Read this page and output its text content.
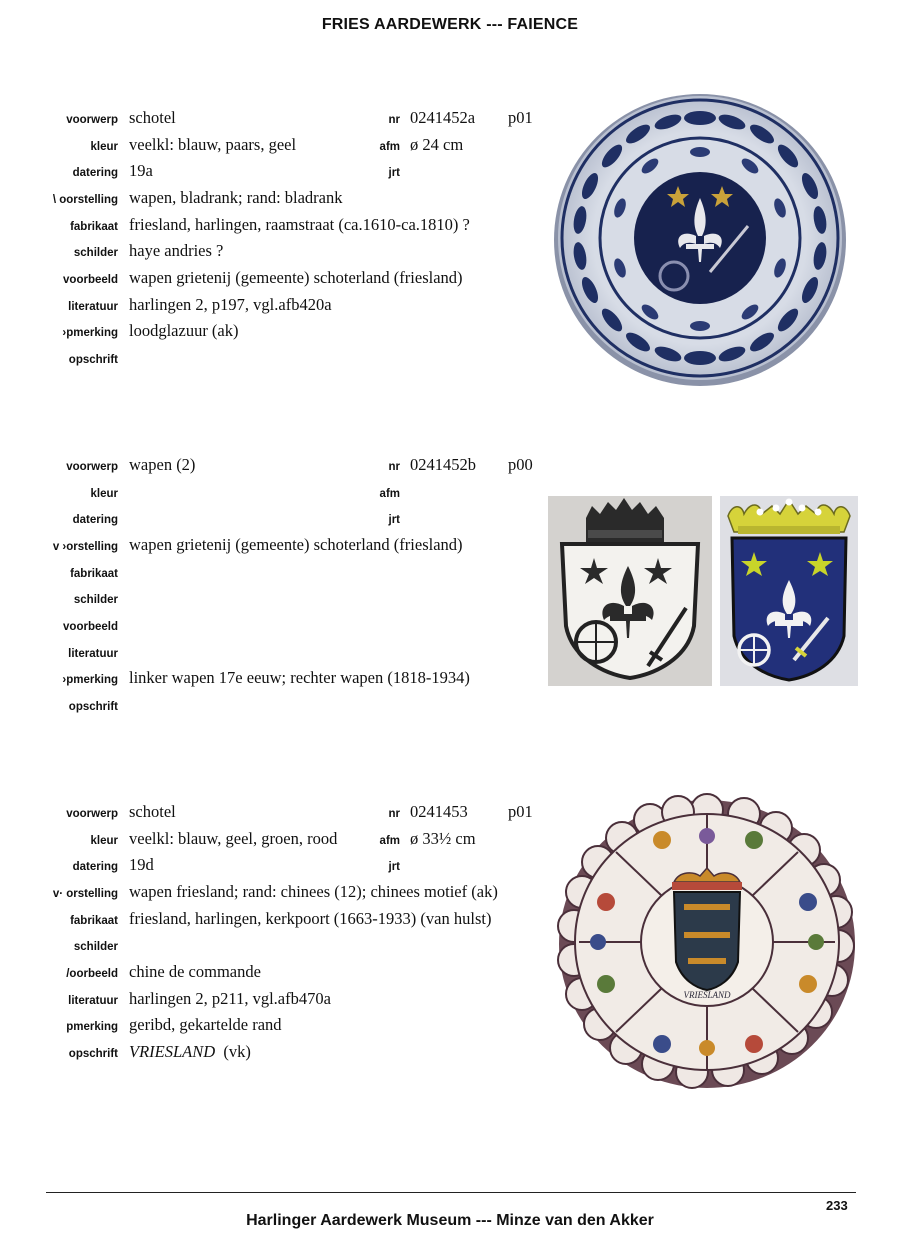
FRIES AARDEWERK --- FAIENCE
voorwerp schotel	nr 0241452a p01
kleur veelkl: blauw, paars, geel	afm ø 24 cm
datering 19a	jrt
\ oorstelling wapen, bladrank; rand: bladrank
fabrikaat friesland, harlingen, raamstraat (ca.1610-ca.1810) ?
schilder haye andries ?
voorbeeld wapen grietenij (gemeente) schoterland (friesland)
literatuur harlingen 2, p197, vgl.afb420a
›pmerking loodglazuur (ak)
opschrift
voorwerp wapen (2)	nr 0241452b p00
kleur	afm
datering	jrt
v ›orstelling wapen grietenij (gemeente) schoterland (friesland)
fabrikaat
schilder
voorbeeld
literatuur
›pmerking linker wapen 17e eeuw; rechter wapen (1818-1934)
opschrift
voorwerp schotel	nr 0241453 p01
kleur veelkl: blauw, geel, groen, rood	afm ø 33½ cm
datering 19d	jrt
v· orstelling wapen friesland; rand: chinees (12); chinees motief (ak)
fabrikaat friesland, harlingen, kerkpoort (1663-1933) (van hulst)
schilder
/oorbeeld chine de commande
literatuur harlingen 2, p211, vgl.afb470a
pmerking geribd, gekartelde rand
opschrift VRIESLAND (vk)
VRIESLAND
233
Harlinger Aardewerk Museum --- Minze van den Akker
